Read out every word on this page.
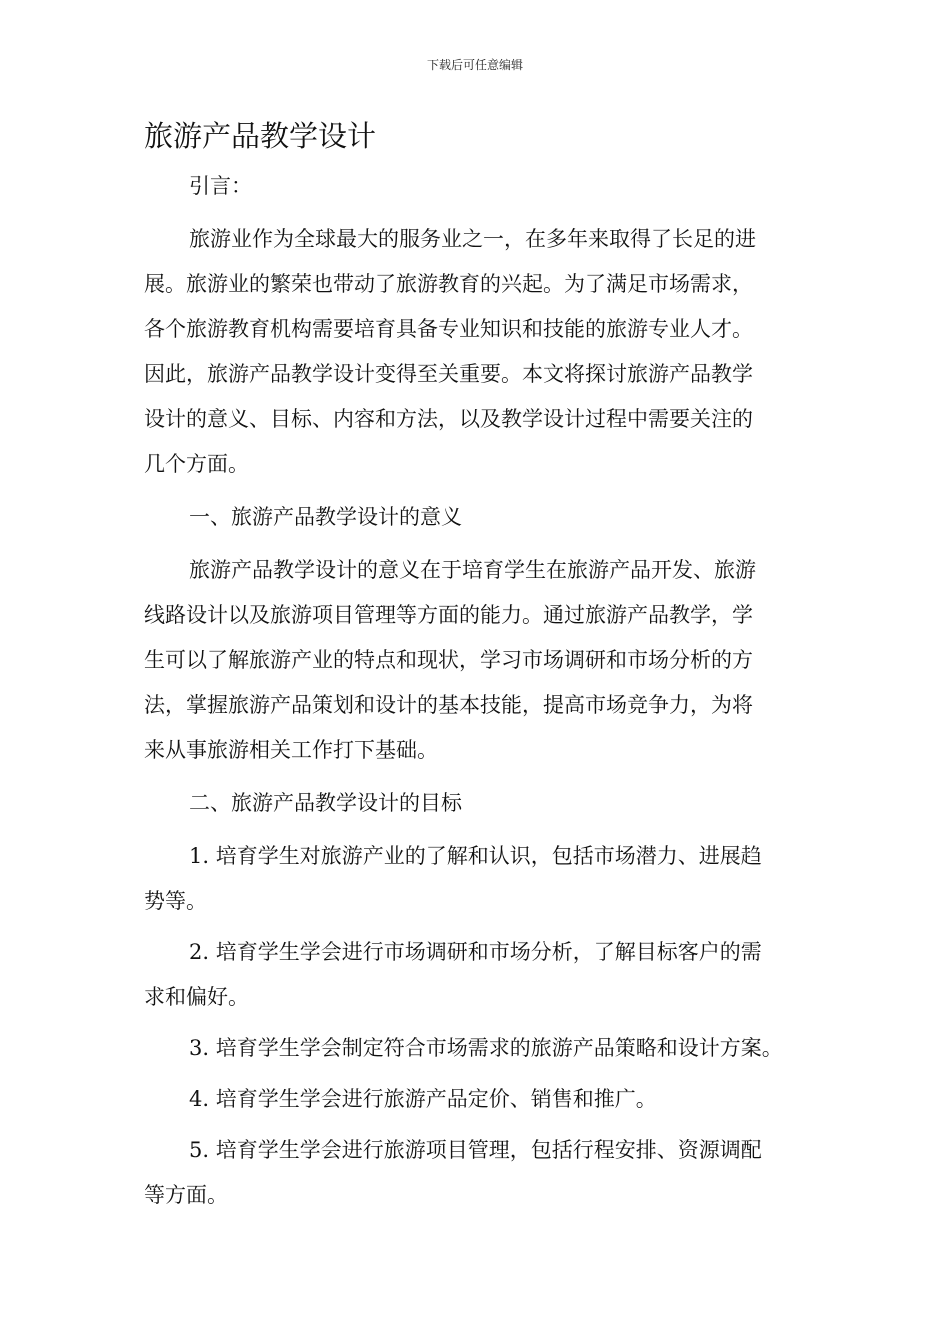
下载后可任意编辑
旅游产品教学设计

引言：

旅游业作为全球最大的服务业之一，在多年来取得了长足的进
展。旅游业的繁荣也带动了旅游教育的兴起。为了满足市场需求，
各个旅游教育机构需要培育具备专业知识和技能的旅游专业人才。
因此，旅游产品教学设计变得至关重要。本文将探讨旅游产品教学
设计的意义、目标、内容和方法，以及教学设计过程中需要关注的
几个方面。

一、旅游产品教学设计的意义

旅游产品教学设计的意义在于培育学生在旅游产品开发、旅游
线路设计以及旅游项目管理等方面的能力。通过旅游产品教学，学
生可以了解旅游产业的特点和现状，学习市场调研和市场分析的方
法，掌握旅游产品策划和设计的基本技能，提高市场竞争力，为将
来从事旅游相关工作打下基础。

二、旅游产品教学设计的目标

1. 培育学生对旅游产业的了解和认识，包括市场潜力、进展趋
势等。

2. 培育学生学会进行市场调研和市场分析，了解目标客户的需
求和偏好。

3. 培育学生学会制定符合市场需求的旅游产品策略和设计方案。

4. 培育学生学会进行旅游产品定价、销售和推广。

5. 培育学生学会进行旅游项目管理，包括行程安排、资源调配
等方面。
